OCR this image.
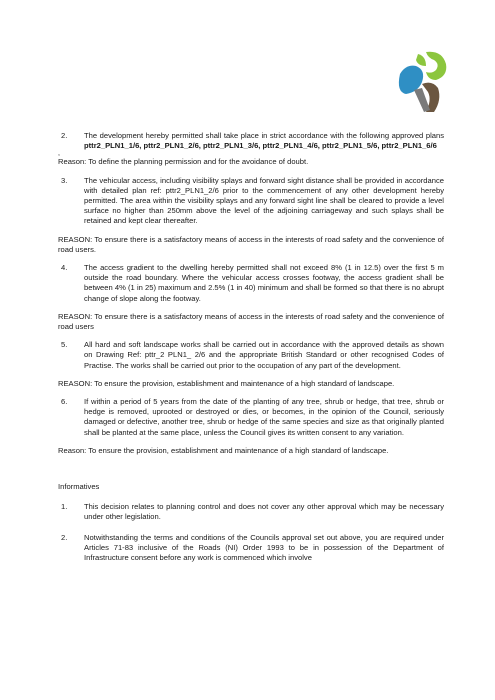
2.	The development hereby permitted shall take place in strict accordance with the following approved plans pttr2_PLN1_1/6, pttr2_PLN1_2/6, pttr2_PLN1_3/6, pttr2_PLN1_4/6, pttr2_PLN1_5/6, pttr2_PLN1_6/6
,

Reason: To define the planning permission and for the avoidance of doubt.

3.	The vehicular access, including visibility splays and forward sight distance shall be provided in accordance with detailed plan ref: pttr2_PLN1_2/6 prior to the commencement of any other development hereby permitted. The area within the visibility splays and any forward sight line shall be cleared to provide a level surface no higher than 250mm above the level of the adjoining carriageway and such splays shall be retained and kept clear thereafter.

REASON: To ensure there is a satisfactory means of access in the interests of road safety and the convenience of road users.

4.	The access gradient to the dwelling hereby permitted shall not exceed 8% (1 in 12.5) over the first 5 m outside the road boundary. Where the vehicular access crosses footway, the access gradient shall be between 4% (1 in 25) maximum and 2.5% (1 in 40) minimum and shall be formed so that there is no abrupt change of slope along the footway.

REASON: To ensure there is a satisfactory means of access in the interests of road safety and the convenience of road users

5.	All hard and soft landscape works shall be carried out in accordance with the approved details as shown on Drawing Ref: pttr_2 PLN1_ 2/6 and the appropriate British Standard or other recognised Codes of Practise. The works shall be carried out prior to the occupation of any part of the development.

REASON: To ensure the provision, establishment and maintenance of a high standard of landscape.

6.	If within a period of 5 years from the date of the planting of any tree, shrub or hedge, that tree, shrub or hedge is removed, uprooted or destroyed or dies, or becomes, in the opinion of the Council, seriously damaged or defective, another tree, shrub or hedge of the same species and size as that originally planted shall be planted at the same place, unless the Council gives its written consent to any variation.

Reason: To ensure the provision, establishment and maintenance of a high standard of landscape.

Informatives

1.	This decision relates to planning control and does not cover any other approval which may be necessary under other legislation.
2.	Notwithstanding the terms and conditions of the Councils approval set out above, you are required under Articles 71-83 inclusive of the Roads (NI) Order 1993 to be in possession of the Department of Infrastructure consent before any work is commenced which involve
